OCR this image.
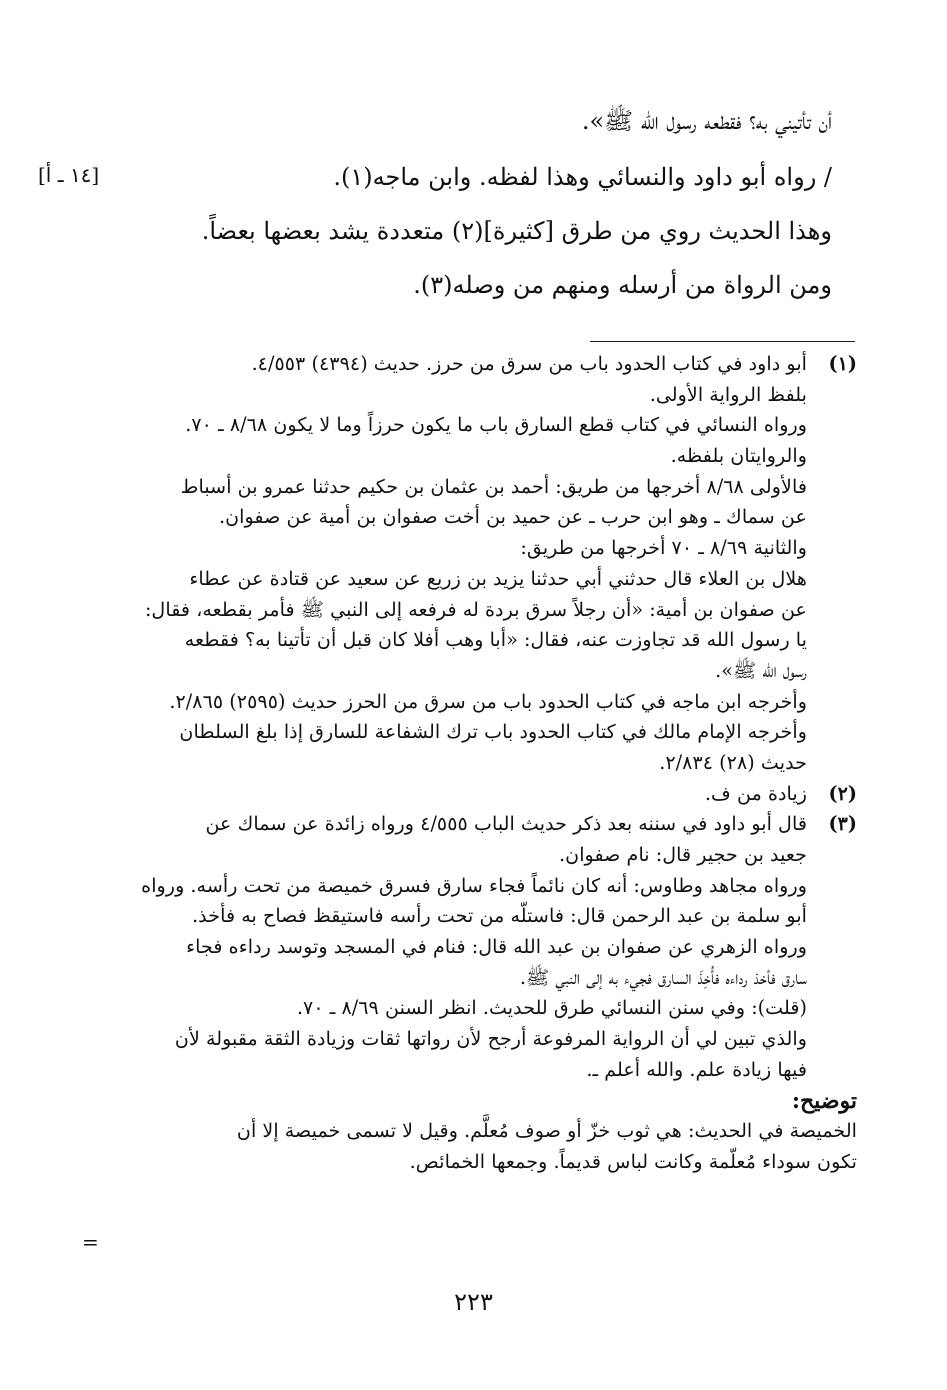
أن تأتيني به؟ فقطعه رسول الله ﷺ».
/ رواه أبو داود والنسائي وهذا لفظه. وابن ماجه(١).
وهذا الحديث روي من طرق [كثيرة](٢) متعددة يشد بعضها بعضاً.
ومن الرواة من أرسله ومنهم من وصله(٣).
[١٤ ـ أ]
(١)
أبو داود في كتاب الحدود باب من سرق من حرز. حديث (٤٣٩٤) ٤/٥٥٣.
بلفظ الرواية الأولى.
ورواه النسائي في كتاب قطع السارق باب ما يكون حرزاً وما لا يكون ٨/٦٨ ـ ٧٠.
والروايتان بلفظه.
فالأولى ٨/٦٨ أخرجها من طريق: أحمد بن عثمان بن حكيم حدثنا عمرو بن أسباط
عن سماك ـ وهو ابن حرب ـ عن حميد بن أخت صفوان بن أمية عن صفوان.
والثانية ٨/٦٩ ـ ٧٠ أخرجها من طريق:
هلال بن العلاء قال حدثني أبي حدثنا يزيد بن زريع عن سعيد عن قتادة عن عطاء
عن صفوان بن أمية: «أن رجلاً سرق بردة له فرفعه إلى النبي ﷺ فأمر بقطعه، فقال:
يا رسول الله قد تجاوزت عنه، فقال: «أبا وهب أفلا كان قبل أن تأتينا به؟ فقطعه
رسول الله ﷺ».
وأخرجه ابن ماجه في كتاب الحدود باب من سرق من الحرز حديث (٢٥٩٥) ٢/٨٦٥.
وأخرجه الإمام مالك في كتاب الحدود باب ترك الشفاعة للسارق إذا بلغ السلطان
حديث (٢٨) ٢/٨٣٤.
(٢)
زيادة من ف.
(٣)
قال أبو داود في سننه بعد ذكر حديث الباب ٤/٥٥٥ ورواه زائدة عن سماك عن
جعيد بن حجير قال: نام صفوان.
ورواه مجاهد وطاوس: أنه كان نائماً فجاء سارق فسرق خميصة من تحت رأسه. ورواه
أبو سلمة بن عبد الرحمن قال: فاستلّه من تحت رأسه فاستيقظ فصاح به فأخذ.
ورواه الزهري عن صفوان بن عبد الله قال: فنام في المسجد وتوسد رداءه فجاء
سارق فأخذ رداءه فأُخِذَ السارق فجيء به إلى النبي ﷺ.
(قلت): وفي سنن النسائي طرق للحديث. انظر السنن ٨/٦٩ ـ ٧٠.
والذي تبين لي أن الرواية المرفوعة أرجح لأن رواتها ثقات وزيادة الثقة مقبولة لأن
فيها زيادة علم. والله أعلم ـ.
توضيح:
الخميصة في الحديث: هي ثوب خزّ أو صوف مُعلَّم. وقيل لا تسمى خميصة إلا أن
تكون سوداء مُعلّمة وكانت لباس قديماً. وجمعها الخمائص.
=
٢٢٣
